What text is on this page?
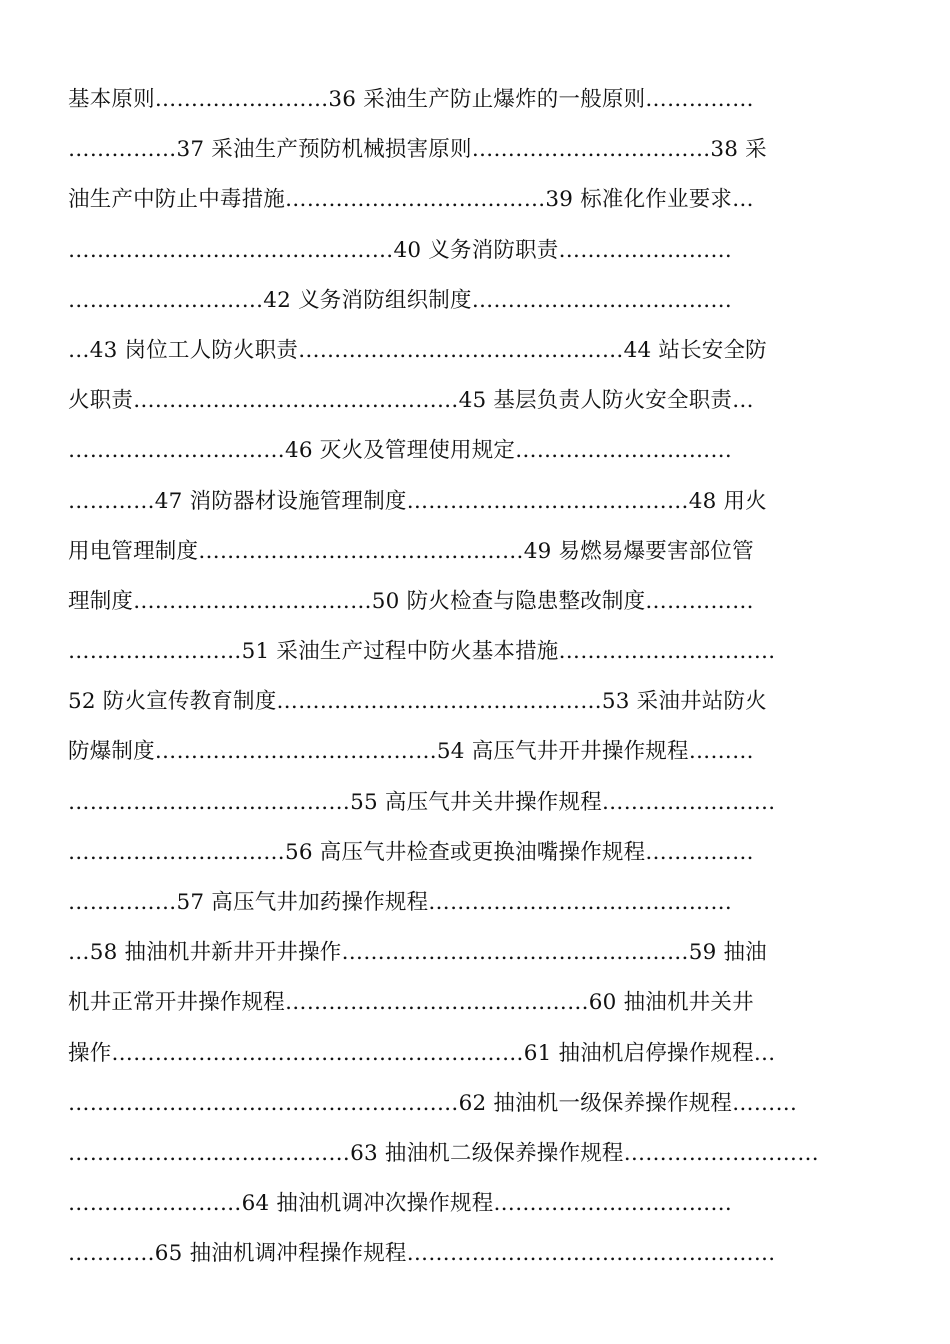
基本原则……………………36 采油生产防止爆炸的一般原则……………
……………37 采油生产预防机械损害原则……………………………38 采
油生产中防止中毒措施………………………………39 标准化作业要求…
………………………………………40 义务消防职责……………………
………………………42 义务消防组织制度………………………………
…43 岗位工人防火职责………………………………………44 站长安全防
火职责………………………………………45 基层负责人防火安全职责…
…………………………46 灭火及管理使用规定…………………………
…………47 消防器材设施管理制度…………………………………48 用火
用电管理制度………………………………………49 易燃易爆要害部位管
理制度……………………………50 防火检查与隐患整改制度……………
……………………51 采油生产过程中防火基本措施…………………………
52 防火宣传教育制度………………………………………53 采油井站防火
防爆制度…………………………………54 高压气井开井操作规程………
…………………………………55 高压气井关井操作规程……………………
…………………………56 高压气井检查或更换油嘴操作规程……………
……………57 高压气井加药操作规程……………………………………
…58 抽油机井新井开井操作…………………………………………59 抽油
机井正常开井操作规程……………………………………60 抽油机井关井
操作…………………………………………………61 抽油机启停操作规程…
………………………………………………62 抽油机一级保养操作规程………
…………………………………63 抽油机二级保养操作规程………………………
……………………64 抽油机调冲次操作规程……………………………
…………65 抽油机调冲程操作规程……………………………………………
